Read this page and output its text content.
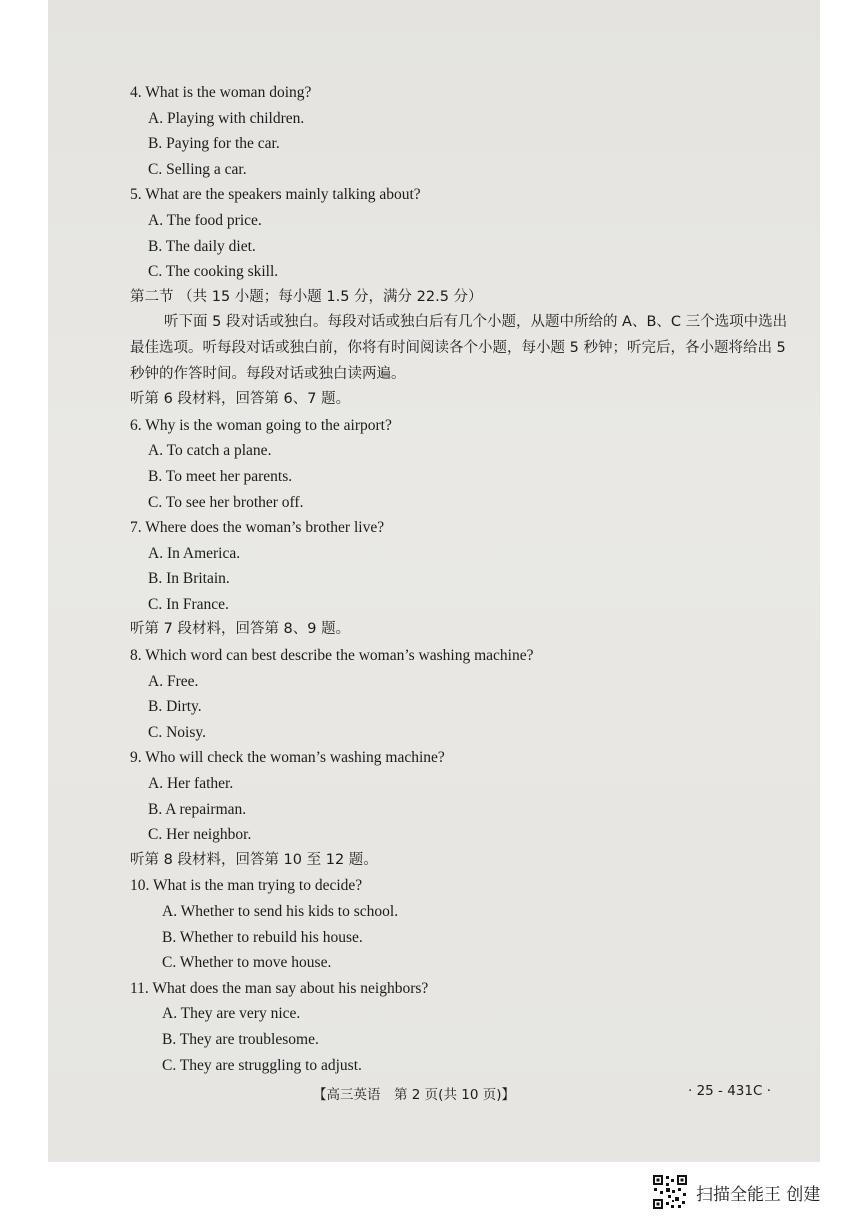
4. What is the woman doing?
A. Playing with children.
B. Paying for the car.
C. Selling a car.
5. What are the speakers mainly talking about?
A. The food price.
B. The daily diet.
C. The cooking skill.
第二节 （共 15 小题；每小题 1.5 分，满分 22.5 分）
听下面 5 段对话或独白。每段对话或独白后有几个小题，从题中所给的 A、B、C 三个选项中选出最佳选项。听每段对话或独白前，你将有时间阅读各个小题，每小题 5 秒钟；听完后，各小题将给出 5 秒钟的作答时间。每段对话或独白读两遍。
听第 6 段材料，回答第 6、7 题。
6. Why is the woman going to the airport?
A. To catch a plane.
B. To meet her parents.
C. To see her brother off.
7. Where does the woman’s brother live?
A. In America.
B. In Britain.
C. In France.
听第 7 段材料，回答第 8、9 题。
8. Which word can best describe the woman’s washing machine?
A. Free.
B. Dirty.
C. Noisy.
9. Who will check the woman’s washing machine?
A. Her father.
B. A repairman.
C. Her neighbor.
听第 8 段材料，回答第 10 至 12 题。
10. What is the man trying to decide?
A. Whether to send his kids to school.
B. Whether to rebuild his house.
C. Whether to move house.
11. What does the man say about his neighbors?
A. They are very nice.
B. They are troublesome.
C. They are struggling to adjust.
【高三英语　第 2 页(共 10 页)】	· 25 - 431C ·
扫描全能王 创建
